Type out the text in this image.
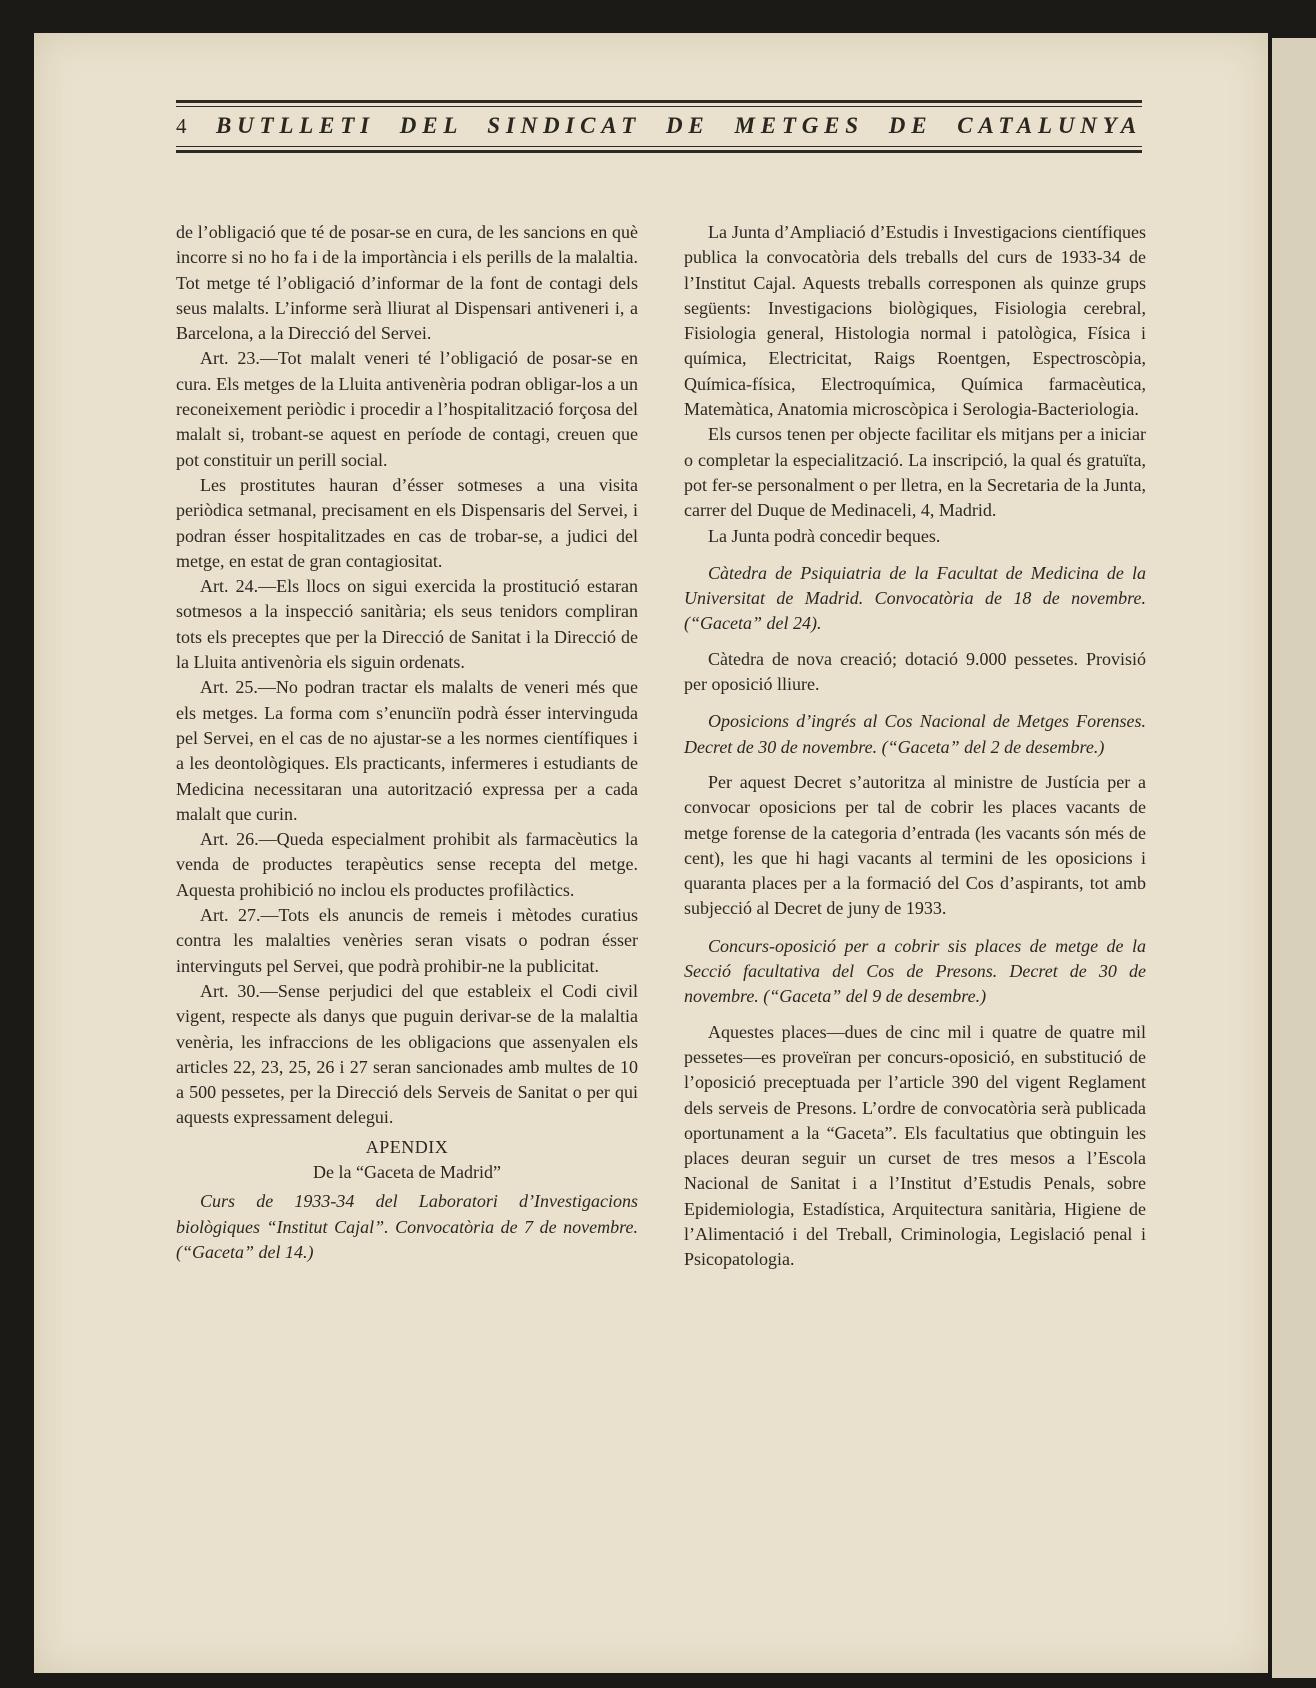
4	BUTLLETI DEL SINDICAT DE METGES DE CATALUNYA

de l’obligació que té de posar-se en cura, de les sancions en què incorre si no ho fa i de la importància i els perills de la malaltia. Tot metge té l’obligació d’informar de la font de contagi dels seus malalts. L’informe serà lliurat al Dispensari antiveneri i, a Barcelona, a la Direcció del Servei.

Art. 23.—Tot malalt veneri té l’obligació de posar-se en cura. Els metges de la Lluita antivenèria podran obligar-los a un reconeixement periòdic i procedir a l’hospitalització forçosa del malalt si, trobant-se aquest en període de contagi, creuen que pot constituir un perill social.

Les prostitutes hauran d’ésser sotmeses a una visita periòdica setmanal, precisament en els Dispensaris del Servei, i podran ésser hospitalitzades en cas de trobar-se, a judici del metge, en estat de gran contagiositat.

Art. 24.—Els llocs on sigui exercida la prostitució estaran sotmesos a la inspecció sanitària; els seus tenidors compliran tots els preceptes que per la Direcció de Sanitat i la Direcció de la Lluita antivenòria els siguin ordenats.

Art. 25.—No podran tractar els malalts de veneri més que els metges. La forma com s’enunciïn podrà ésser intervinguda pel Servei, en el cas de no ajustar-se a les normes científiques i a les deontològiques. Els practicants, infermeres i estudiants de Medicina necessitaran una autorització expressa per a cada malalt que curin.

Art. 26.—Queda especialment prohibit als farmacèutics la venda de productes terapèutics sense recepta del metge. Aquesta prohibició no inclou els productes profilàctics.

Art. 27.—Tots els anuncis de remeis i mètodes curatius contra les malalties venèries seran visats o podran ésser intervinguts pel Servei, que podrà prohibir-ne la publicitat.

Art. 30.—Sense perjudici del que estableix el Codi civil vigent, respecte als danys que puguin derivar-se de la malaltia venèria, les infraccions de les obligacions que assenyalen els articles 22, 23, 25, 26 i 27 seran sancionades amb multes de 10 a 500 pessetes, per la Direcció dels Serveis de Sanitat o per qui aquests expressament delegui.

APENDIX

De la “Gaceta de Madrid”

Curs de 1933-34 del Laboratori d’Investigacions biològiques “Institut Cajal”. Convocatòria de 7 de novembre. (“Gaceta” del 14.)

La Junta d’Ampliació d’Estudis i Investigacions científiques publica la convocatòria dels treballs del curs de 1933-34 de l’Institut Cajal. Aquests treballs corresponen als quinze grups següents: Investigacions biològiques, Fisiologia cerebral, Fisiologia general, Histologia normal i patològica, Física i química, Electricitat, Raigs Roentgen, Espectroscòpia, Química-física, Electroquímica, Química farmacèutica, Matemàtica, Anatomia microscòpica i Serologia-Bacteriologia.

Els cursos tenen per objecte facilitar els mitjans per a iniciar o completar la especialització. La inscripció, la qual és gratuïta, pot fer-se personalment o per lletra, en la Secretaria de la Junta, carrer del Duque de Medinaceli, 4, Madrid.

La Junta podrà concedir beques.

Càtedra de Psiquiatria de la Facultat de Medicina de la Universitat de Madrid. Convocatòria de 18 de novembre. (“Gaceta” del 24).

Càtedra de nova creació; dotació 9.000 pessetes. Provisió per oposició lliure.

Oposicions d’ingrés al Cos Nacional de Metges Forenses. Decret de 30 de novembre. (“Gaceta” del 2 de desembre.)

Per aquest Decret s’autoritza al ministre de Justícia per a convocar oposicions per tal de cobrir les places vacants de metge forense de la categoria d’entrada (les vacants són més de cent), les que hi hagi vacants al termini de les oposicions i quaranta places per a la formació del Cos d’aspirants, tot amb subjecció al Decret de juny de 1933.

Concurs-oposició per a cobrir sis places de metge de la Secció facultativa del Cos de Presons. Decret de 30 de novembre. (“Gaceta” del 9 de desembre.)

Aquestes places—dues de cinc mil i quatre de quatre mil pessetes—es proveïran per concurs-oposició, en substitució de l’oposició preceptuada per l’article 390 del vigent Reglament dels serveis de Presons. L’ordre de convocatòria serà publicada oportunament a la “Gaceta”. Els facultatius que obtinguin les places deuran seguir un curset de tres mesos a l’Escola Nacional de Sanitat i a l’Institut d’Estudis Penals, sobre Epidemiologia, Estadística, Arquitectura sanitària, Higiene de l’Alimentació i del Treball, Criminologia, Legislació penal i Psicopatologia.
